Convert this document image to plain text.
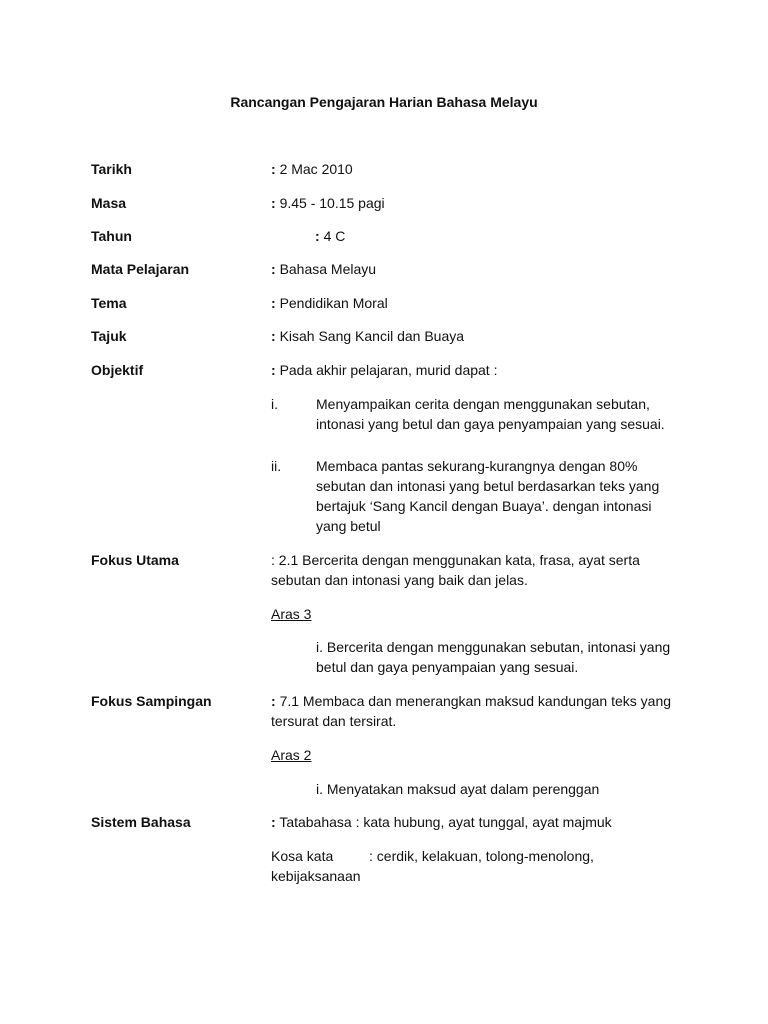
Rancangan Pengajaran Harian Bahasa Melayu
Tarikh	: 2 Mac 2010
Masa	: 9.45 - 10.15 pagi
Tahun	: 4 C
Mata Pelajaran	: Bahasa Melayu
Tema	: Pendidikan Moral
Tajuk	: Kisah Sang Kancil dan Buaya
Objektif	: Pada akhir pelajaran, murid dapat :
i.	Menyampaikan cerita dengan menggunakan sebutan, intonasi yang betul dan gaya penyampaian yang sesuai.
ii. Membaca pantas sekurang-kurangnya dengan 80% sebutan dan intonasi yang betul berdasarkan teks yang bertajuk ‘Sang Kancil dengan Buaya’. dengan intonasi yang betul
Fokus Utama	: 2.1 Bercerita dengan menggunakan kata, frasa, ayat serta sebutan dan intonasi yang baik dan jelas.
Aras 3
i. Bercerita dengan menggunakan sebutan, intonasi yang betul dan gaya penyampaian yang sesuai.
Fokus Sampingan	: 7.1 Membaca dan menerangkan maksud kandungan teks yang tersurat dan tersirat.
Aras 2
i. Menyatakan maksud ayat dalam perenggan
Sistem Bahasa	: Tatabahasa : kata hubung, ayat tunggal, ayat majmuk
Kosa kata	: cerdik, kelakuan, tolong-menolong, kebijaksanaan
